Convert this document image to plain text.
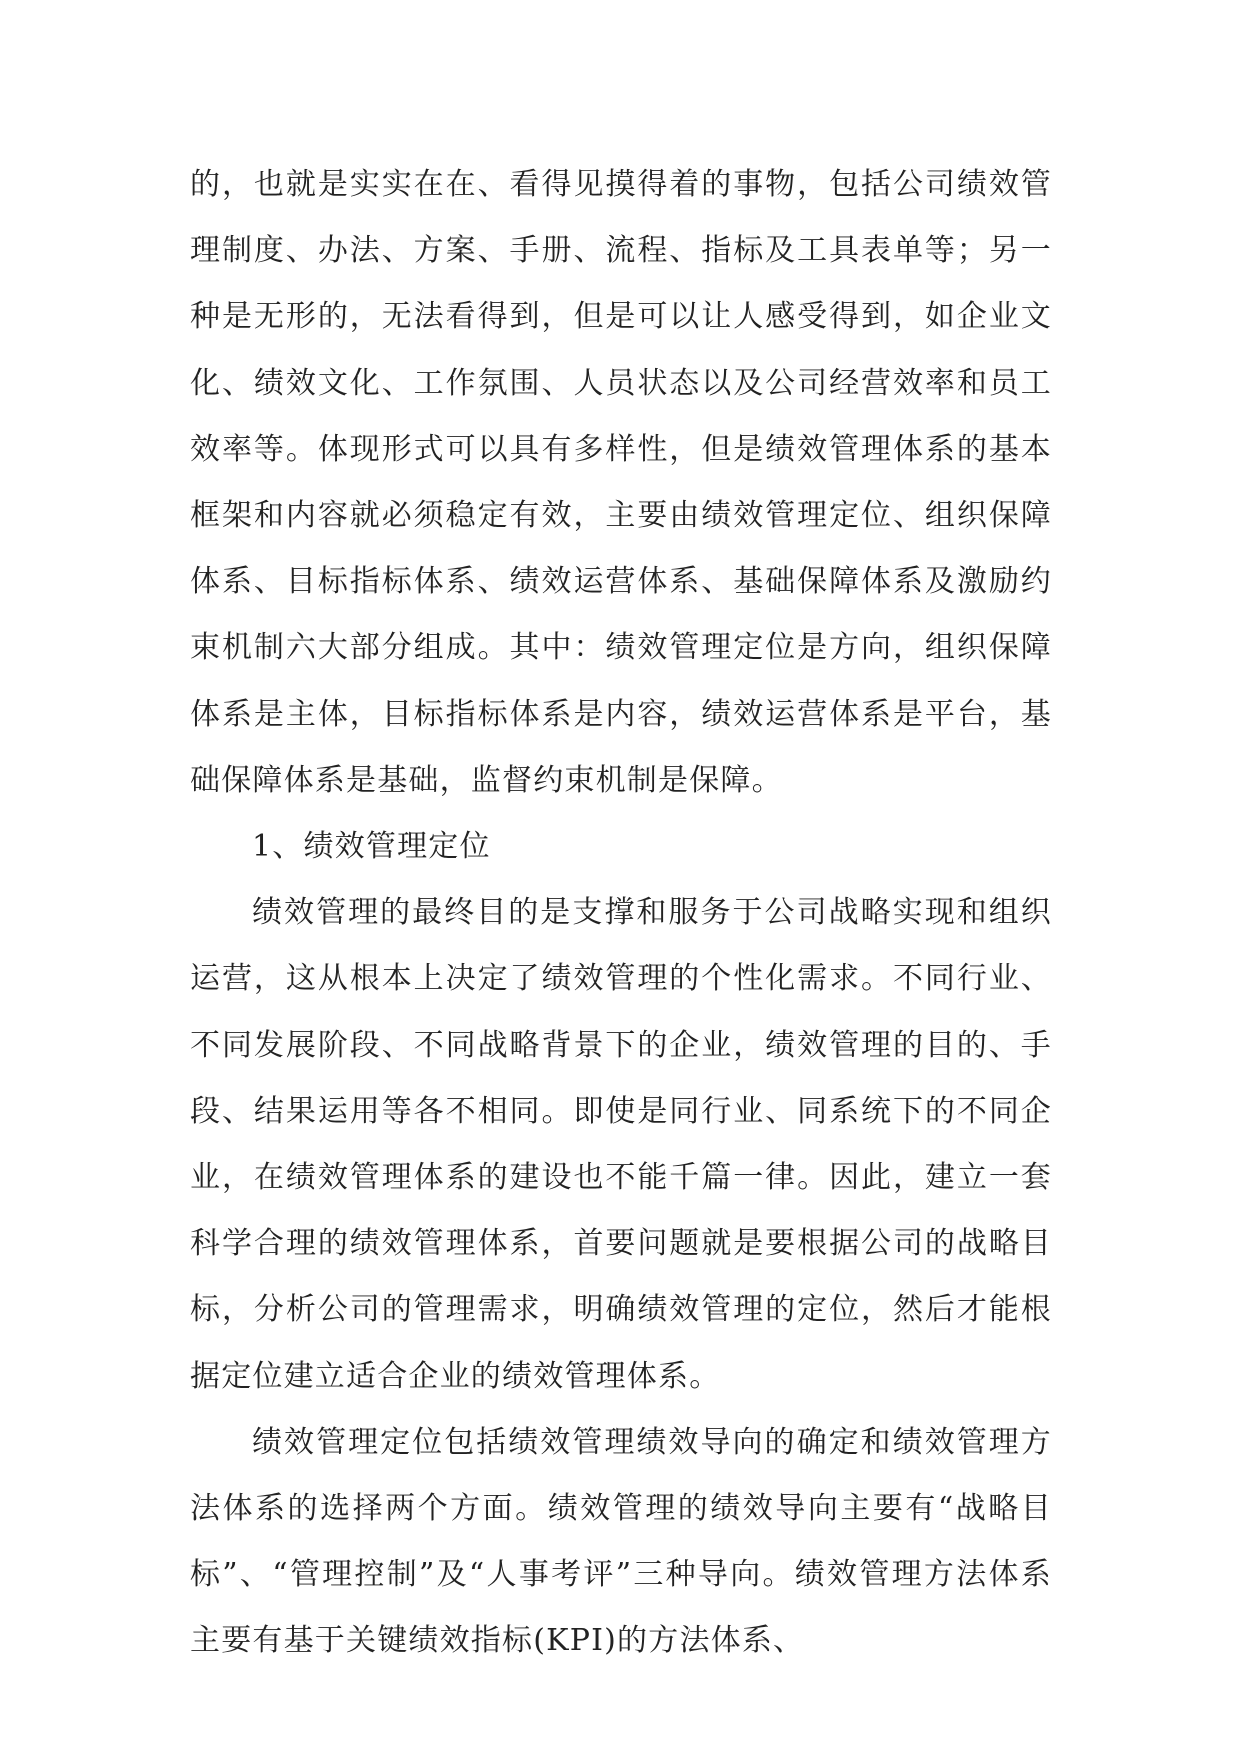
的，也就是实实在在、看得见摸得着的事物，包括公司绩效管理制度、办法、方案、手册、流程、指标及工具表单等；另一种是无形的，无法看得到，但是可以让人感受得到，如企业文化、绩效文化、工作氛围、人员状态以及公司经营效率和员工效率等。体现形式可以具有多样性，但是绩效管理体系的基本框架和内容就必须稳定有效，主要由绩效管理定位、组织保障体系、目标指标体系、绩效运营体系、基础保障体系及激励约束机制六大部分组成。其中：绩效管理定位是方向，组织保障体系是主体，目标指标体系是内容，绩效运营体系是平台，基础保障体系是基础，监督约束机制是保障。

1、绩效管理定位

绩效管理的最终目的是支撑和服务于公司战略实现和组织运营，这从根本上决定了绩效管理的个性化需求。不同行业、不同发展阶段、不同战略背景下的企业，绩效管理的目的、手段、结果运用等各不相同。即使是同行业、同系统下的不同企业，在绩效管理体系的建设也不能千篇一律。因此，建立一套科学合理的绩效管理体系，首要问题就是要根据公司的战略目标，分析公司的管理需求，明确绩效管理的定位，然后才能根据定位建立适合企业的绩效管理体系。

绩效管理定位包括绩效管理绩效导向的确定和绩效管理方法体系的选择两个方面。绩效管理的绩效导向主要有“战略目标”、“管理控制”及“人事考评”三种导向。绩效管理方法体系主要有基于关键绩效指标(KPI)的方法体系、
